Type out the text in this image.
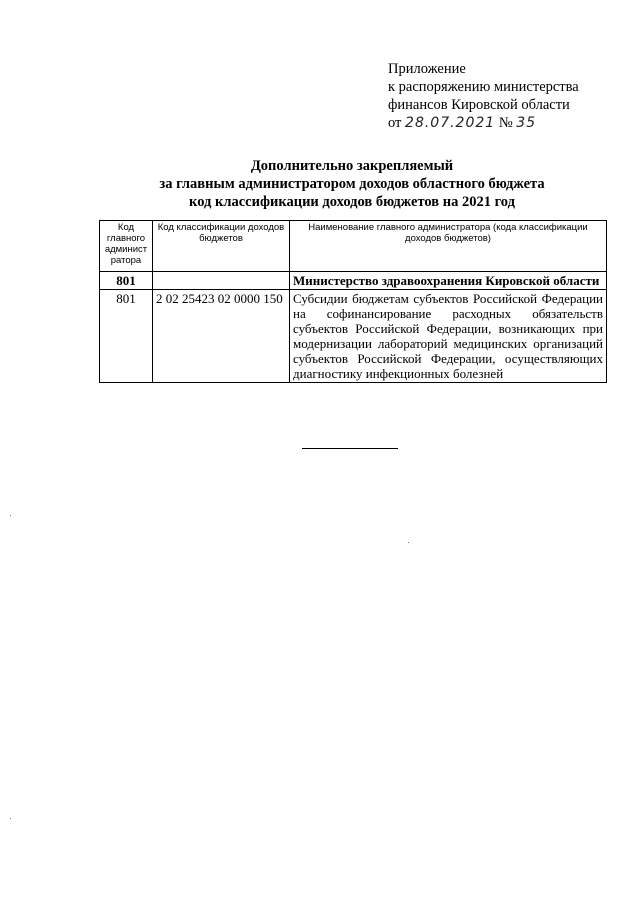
Приложение
к распоряжению министерства
финансов Кировской области
от 28.07.2021 № 35
Дополнительно закрепляемый
за главным администратором доходов областного бюджета
код классификации доходов бюджетов на 2021 год
Код главного админист ратора	Код классификации доходов бюджетов	Наименование главного администратора (кода классификации доходов бюджетов)
801		Министерство здравоохранения Кировской области
801	2 02 25423 02 0000 150	Субсидии бюджетам субъектов Российской Федерации на софинансирование расходных обязательств субъектов Российской Федерации, возникающих при модернизации лабораторий медицинских организаций субъектов Российской Федерации, осуществляющих диагностику инфекционных болезней
